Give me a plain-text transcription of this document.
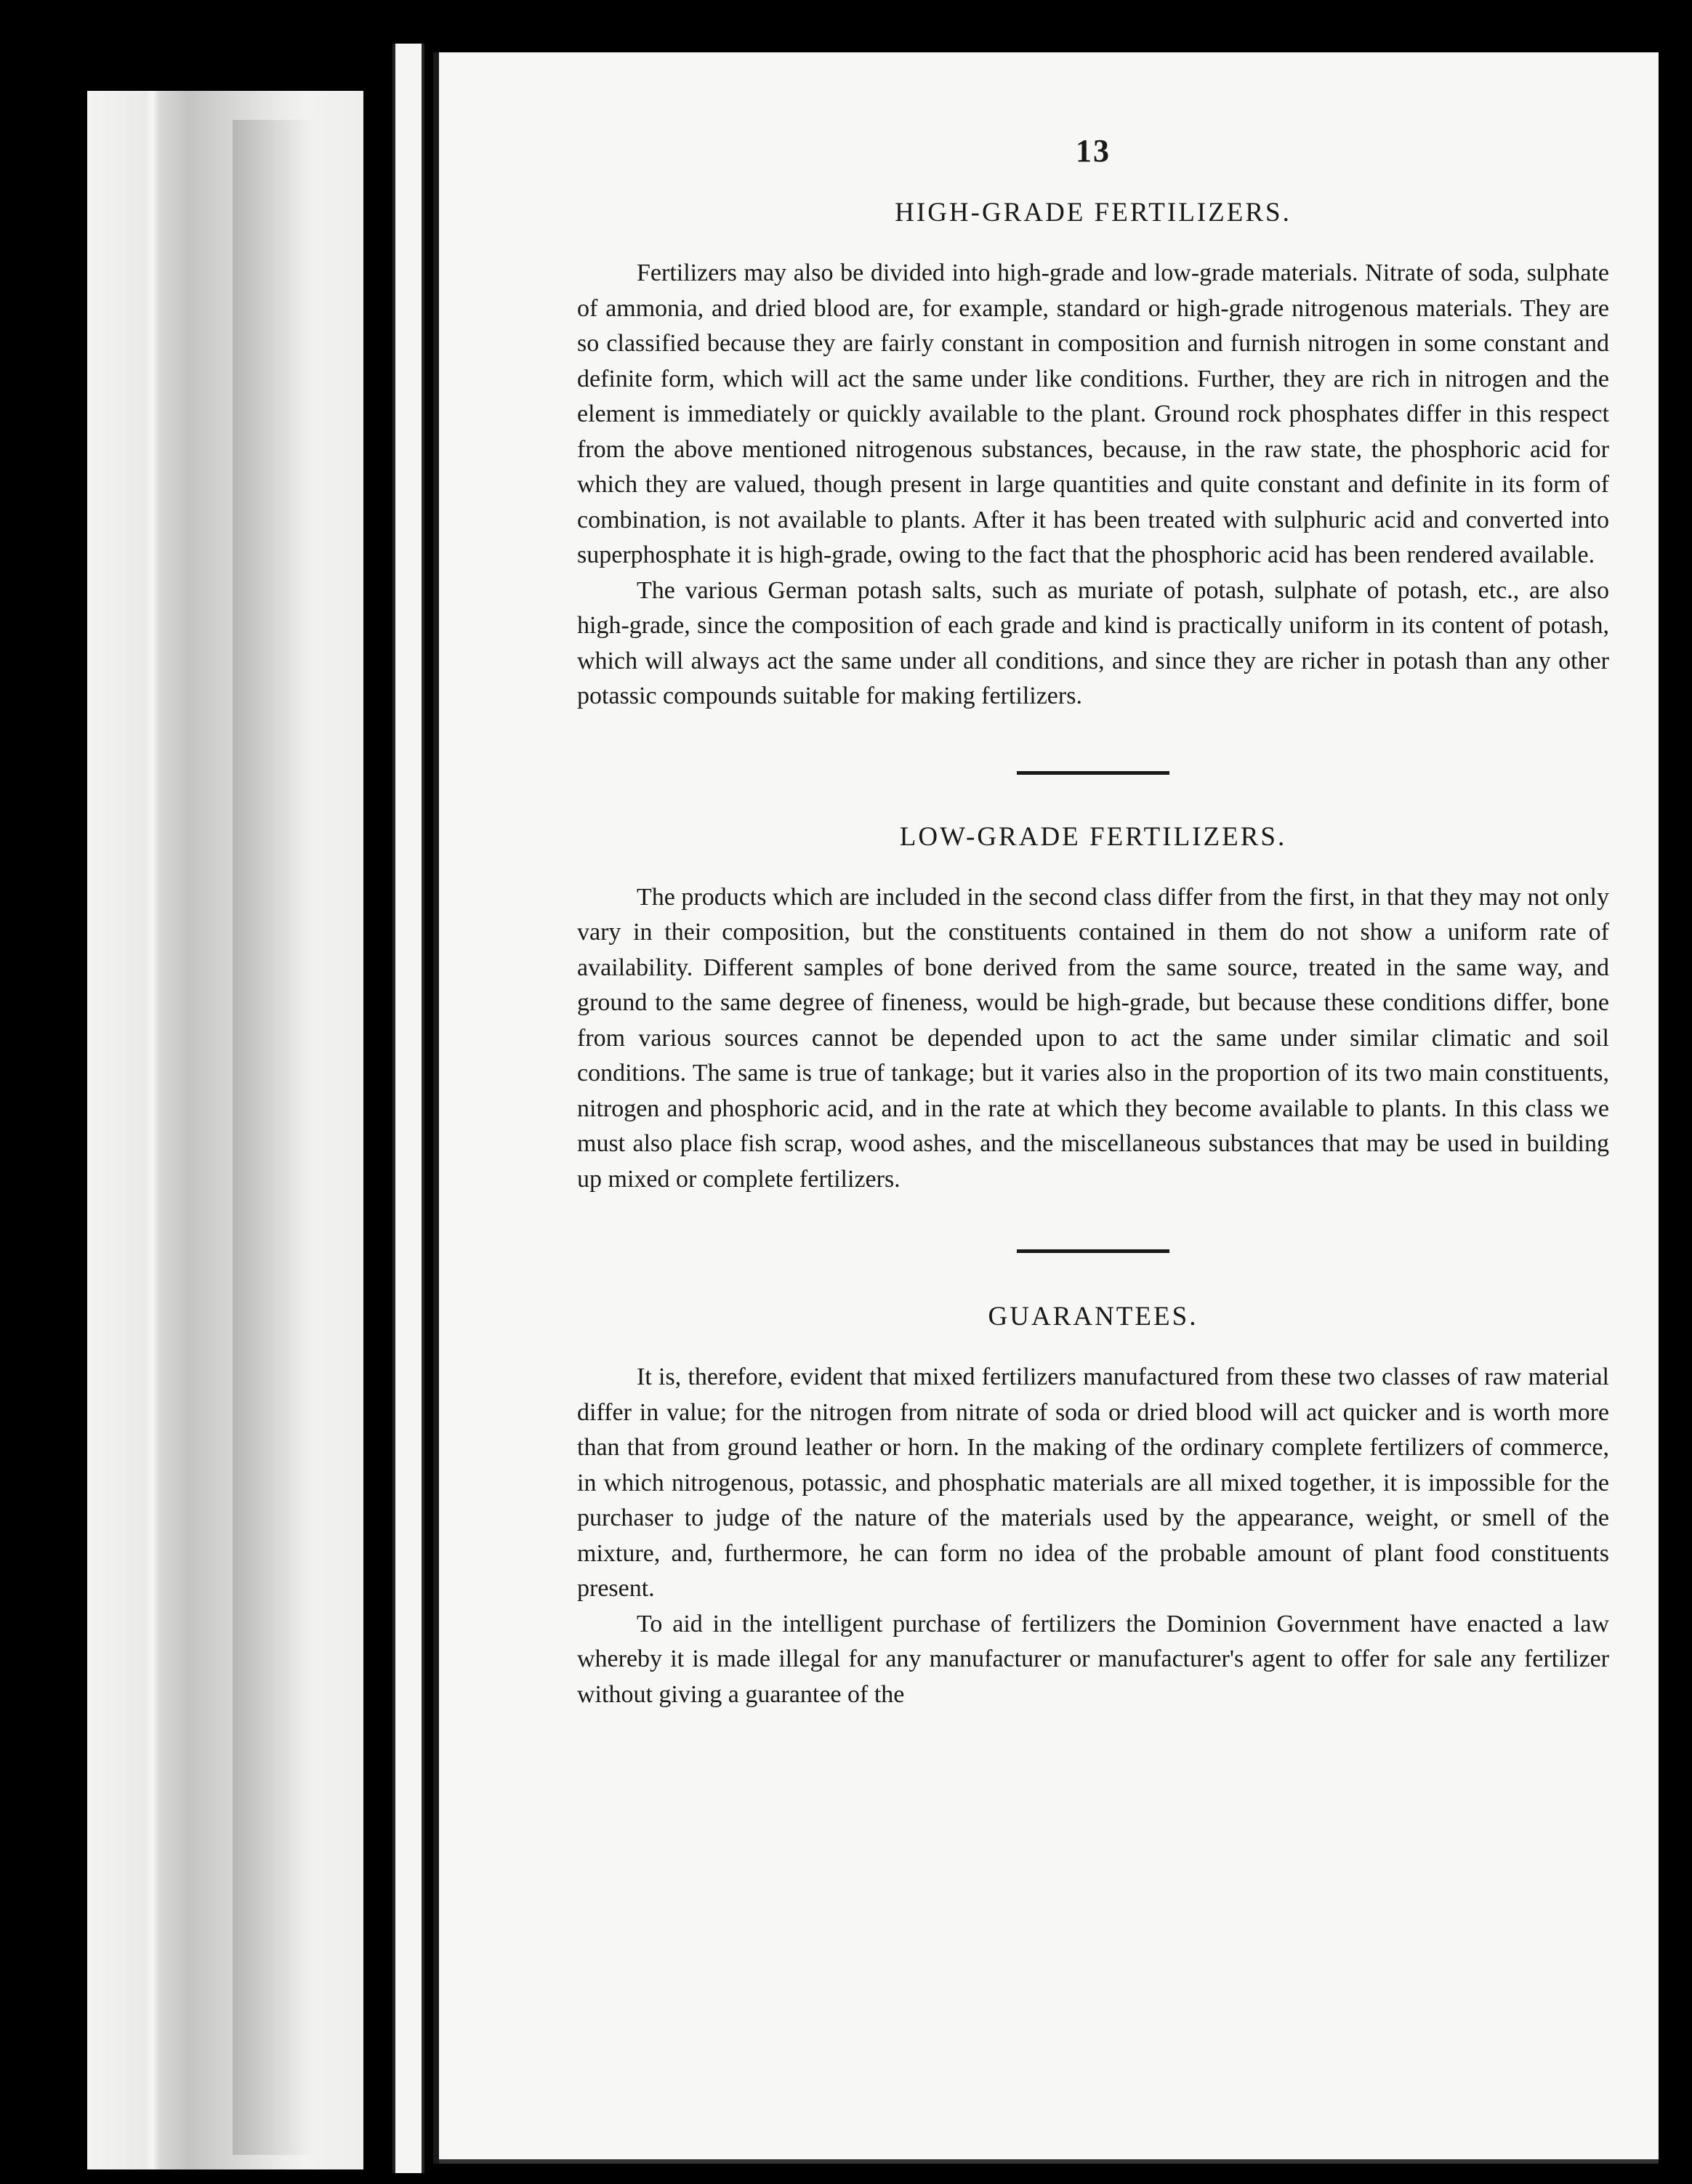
13
HIGH-GRADE FERTILIZERS.

Fertilizers may also be divided into high-grade and low-grade materials. Nitrate of soda, sulphate of ammonia, and dried blood are, for example, standard or high-grade nitrogenous materials. They are so classified because they are fairly constant in composition and furnish nitrogen in some constant and definite form, which will act the same under like conditions. Further, they are rich in nitrogen and the element is immediately or quickly available to the plant. Ground rock phosphates differ in this respect from the above mentioned nitrogenous substances, because, in the raw state, the phosphoric acid for which they are valued, though present in large quantities and quite constant and definite in its form of combination, is not available to plants. After it has been treated with sulphuric acid and converted into superphosphate it is high-grade, owing to the fact that the phosphoric acid has been rendered available.

The various German potash salts, such as muriate of potash, sulphate of potash, etc., are also high-grade, since the composition of each grade and kind is practically uniform in its content of potash, which will always act the same under all conditions, and since they are richer in potash than any other potassic compounds suitable for making fertilizers.

LOW-GRADE FERTILIZERS.

The products which are included in the second class differ from the first, in that they may not only vary in their composition, but the constituents contained in them do not show a uniform rate of availability. Different samples of bone derived from the same source, treated in the same way, and ground to the same degree of fineness, would be high-grade, but because these conditions differ, bone from various sources cannot be depended upon to act the same under similar climatic and soil conditions. The same is true of tankage; but it varies also in the proportion of its two main constituents, nitrogen and phosphoric acid, and in the rate at which they become available to plants. In this class we must also place fish scrap, wood ashes, and the miscellaneous substances that may be used in building up mixed or complete fertilizers.

GUARANTEES.

It is, therefore, evident that mixed fertilizers manufactured from these two classes of raw material differ in value; for the nitrogen from nitrate of soda or dried blood will act quicker and is worth more than that from ground leather or horn. In the making of the ordinary complete fertilizers of commerce, in which nitrogenous, potassic, and phosphatic materials are all mixed together, it is impossible for the purchaser to judge of the nature of the materials used by the appearance, weight, or smell of the mixture, and, furthermore, he can form no idea of the probable amount of plant food constituents present.

To aid in the intelligent purchase of fertilizers the Dominion Government have enacted a law whereby it is made illegal for any manufacturer or manufacturer's agent to offer for sale any fertilizer without giving a guarantee of the
